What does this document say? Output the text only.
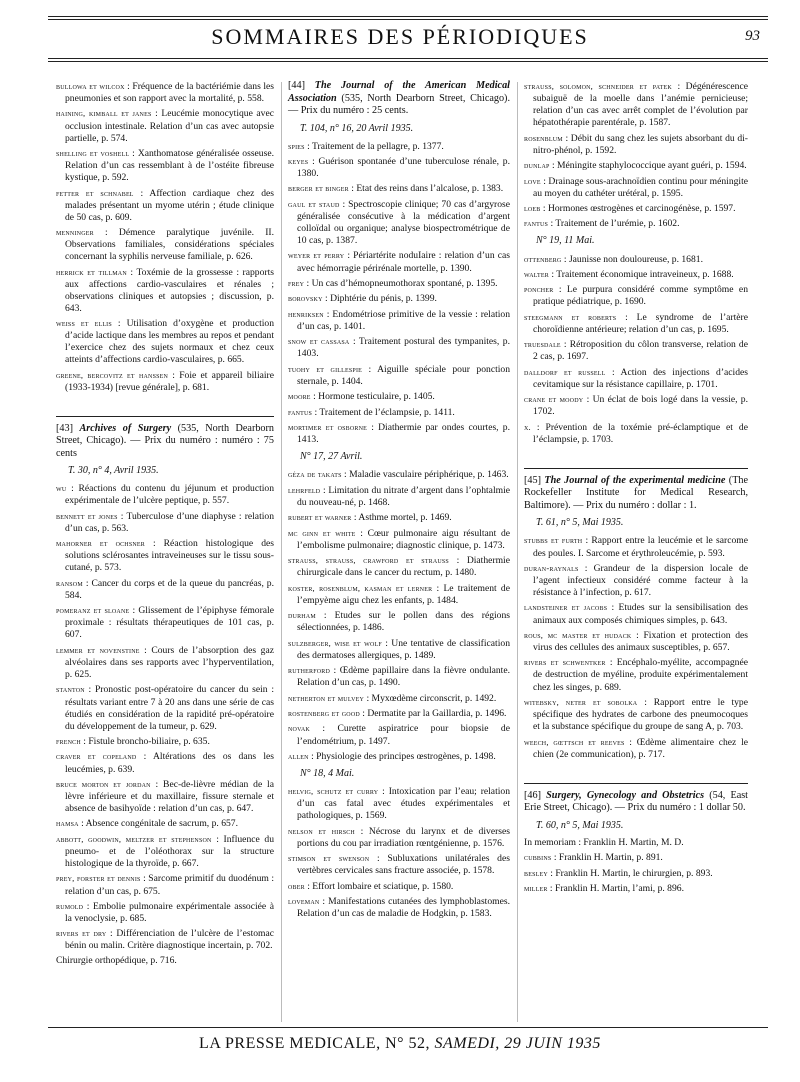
SOMMAIRES DES PÉRIODIQUES	93

bullowa et wilcox : Fréquence de la bactériémie dans les pneumonies et son rapport avec la mortalité, p. 558.

haining, kimball et janes : Leucémie monocytique avec occlusion intestinale. Relation d’un cas avec autopsie partielle, p. 574.

shelling et voshell : Xanthomatose généralisée osseuse. Relation d’un cas ressemblant à de l’ostéite fibreuse kystique, p. 592.

fetter et schnabel : Affection cardiaque chez des malades présentant un myome utérin ; étude clinique de 50 cas, p. 609.

menninger : Démence paralytique juvénile. II. Observations familiales, considérations spéciales concernant la syphilis nerveuse familiale, p. 626.

herrick et tillman : Toxémie de la grossesse : rapports aux affections cardio-vasculaires et rénales ; observations cliniques et autopsies ; discussion, p. 643.

weiss et ellis : Utilisation d’oxygène et production d’acide lactique dans les membres au repos et pendant l’exercice chez des sujets normaux et chez ceux atteints d’affections cardio-vasculaires, p. 665.

greene, bercovitz et hanssen : Foie et appareil biliaire (1933-1934) [revue générale], p. 681.

[43] Archives of Surgery (535, North Dearborn Street, Chicago). — Prix du numéro : numéro : 75 cents

T. 30, n° 4, Avril 1935.

wu : Réactions du contenu du jéjunum et production expérimentale de l’ulcère peptique, p. 557.

bennett et jones : Tuberculose d’une diaphyse : relation d’un cas, p. 563.

mahorner et ochsner : Réaction histologique des solutions sclérosantes intraveineuses sur le tissu sous-cutané, p. 573.

ransom : Cancer du corps et de la queue du pancréas, p. 584.

pomeranz et sloane : Glissement de l’épiphyse fémorale proximale : résultats thérapeutiques de 101 cas, p. 607.

lemmer et novenstine : Cours de l’absorption des gaz alvéolaires dans ses rapports avec l’hyperventilation, p. 625.

stanton : Pronostic post-opératoire du cancer du sein : résultats variant entre 7 à 20 ans dans une série de cas étudiés en considération de la rapidité pré-opératoire du développement de la tumeur, p. 629.

french : Fistule broncho-biliaire, p. 635.

craver et copeland : Altérations des os dans les leucémies, p. 639.

bruce morton et jordan : Bec-de-lièvre médian de la lèvre inférieure et du maxillaire, fissure sternale et absence de basihyoïde : relation d’un cas, p. 647.

hamsa : Absence congénitale de sacrum, p. 657.

abbott, goodwin, meltzer et stephenson : Influence du pneumo- et de l’oléothorax sur la structure histologique de la thyroïde, p. 667.

prey, forster et dennis : Sarcome primitif du duodénum : relation d’un cas, p. 675.

rumold : Embolie pulmonaire expérimentale associée à la venoclysie, p. 685.

rivers et dry : Différenciation de l’ulcère de l’estomac bénin ou malin. Critère diagnostique incertain, p. 702.

Chirurgie orthopédique, p. 716.

[44] The Journal of the American Medical Association (535, North Dearborn Street, Chicago). — Prix du numéro : 25 cents.

T. 104, n° 16, 20 Avril 1935.

spies : Traitement de la pellagre, p. 1377.

keyes : Guérison spontanée d’une tuberculose rénale, p. 1380.

berger et binger : Etat des reins dans l’alcalose, p. 1383.

gaul et staud : Spectroscopie clinique; 70 cas d’argyrose généralisée consécutive à la médication d’argent colloïdal ou organique; analyse biospectrométrique de 10 cas, p. 1387.

weyer et perry : Périartérite noduIaire : relation d’un cas avec hémorragie périrénale mortelle, p. 1390.

frey : Un cas d’hémopneumothorax spontané, p. 1395.

borovsky : Diphtérie du pénis, p. 1399.

henriksen : Endométriose primitive de la vessie : relation d’un cas, p. 1401.

snow et cassasa : Traitement postural des tympanites, p. 1403.

tuohy et gillespie : Aiguille spéciale pour ponction sternale, p. 1404.

moore : Hormone testiculaire, p. 1405.

fantus : Traitement de l’éclampsie, p. 1411.

mortimer et osborne : Diathermie par ondes courtes, p. 1413.

N° 17, 27 Avril.

géza de takats : Maladie vasculaire périphérique, p. 1463.

lehrfeld : Limitation du nitrate d’argent dans l’ophtalmie du nouveau-né, p. 1468.

rubert et warner : Asthme mortel, p. 1469.

mc ginn et white : Cœur pulmonaire aigu résultant de l’embolisme pulmonaire; diagnostic clinique, p. 1473.

strauss, strauss, crawford et strauss : Diathermie chirurgicale dans le cancer du rectum, p. 1480.

koster, rosenblum, kasman et lerner : Le traitement de l’empyème aigu chez les enfants, p. 1484.

durham : Etudes sur le pollen dans des régions sélectionnées, p. 1486.

sulzberger, wise et wolf : Une tentative de classification des dermatoses allergiques, p. 1489.

rutherford : Œdème papillaire dans la fièvre ondulante. Relation d’un cas, p. 1490.

netherton et mulvey : Myxœdème circonscrit, p. 1492.

rostenberg et good : Dermatite par la Gaillardia, p. 1496.

novak : Curette aspiratrice pour biopsie de l’endométrium, p. 1497.

allen : Physiologie des principes œstrogènes, p. 1498.

N° 18, 4 Mai.

helvig, schutz et curry : Intoxication par l’eau; relation d’un cas fatal avec études expérimentales et pathologiques, p. 1569.

nelson et hirsch : Nécrose du larynx et de diverses portions du cou par irradiation rœntgénienne, p. 1576.

stimson et swenson : Subluxations unilatérales des vertèbres cervicales sans fracture associée, p. 1578.

ober : Effort lombaire et sciatique, p. 1580.

loveman : Manifestations cutanées des lymphoblastomes. Relation d’un cas de maladie de Hodgkin, p. 1583.

strauss, solomon, schneider et patek : Dégénérescence subaiguë de la moelle dans l’anémie pernicieuse; relation d’un cas avec arrêt complet de l’évolution par hépatothérapie parentérale, p. 1587.

rosenblum : Débit du sang chez les sujets absorbant du di-nitro-phénol, p. 1592.

dunlap : Méningite staphylococcique ayant guéri, p. 1594.

love : Drainage sous-arachnoïdien continu pour méningite au moyen du cathéter urétéral, p. 1595.

loeb : Hormones œstrogènes et carcinogénèse, p. 1597.

fantus : Traitement de l’urémie, p. 1602.

N° 19, 11 Mai.

ottenberg : Jaunisse non douloureuse, p. 1681.

walter : Traitement économique intraveineux, p. 1688.

poncher : Le purpura considéré comme symptôme en pratique pédiatrique, p. 1690.

steegmann et roberts : Le syndrome de l’artère choroïdienne antérieure; relation d’un cas, p. 1695.

truesdale : Rétroposition du côlon transverse, relation de 2 cas, p. 1697.

dalldorf et russell : Action des injections d’acides cevitamique sur la résistance capillaire, p. 1701.

crane et moody : Un éclat de bois logé dans la vessie, p. 1702.

x. : Prévention de la toxémie pré-éclamptique et de l’éclampsie, p. 1703.

[45] The Journal of the experimental medicine (The Rockefeller Institute for Medical Research, Baltimore). — Prix du numéro : dollar : 1.

T. 61, n° 5, Mai 1935.

stubbs et furth : Rapport entre la leucémie et le sarcome des poules. I. Sarcome et érythroleucémie, p. 593.

duran-raynals : Grandeur de la dispersion locale de l’agent infectieux considéré comme facteur à la résistance à l’infection, p. 617.

landsteiner et jacobs : Etudes sur la sensibilisation des animaux aux composés chimiques simples, p. 643.

rous, mc master et hudack : Fixation et protection des virus des cellules des animaux susceptibles, p. 657.

rivers et schwentker : Encéphalo-myélite, accompagnée de destruction de myéline, produite expérimentalement chez les singes, p. 689.

witebsky, neter et sobolka : Rapport entre le type spécifique des hydrates de carbone des pneumocoques et la substance spécifique du groupe de sang A, p. 703.

weech, gœttsch et reeves : Œdème alimentaire chez le chien (2e communication), p. 717.

[46] Surgery, Gynecology and Obstetrics (54, East Erie Street, Chicago). — Prix du numéro : 1 dollar 50.

T. 60, n° 5, Mai 1935.

In memoriam : Franklin H. Martin, M. D.

cubbins : Franklin H. Martin, p. 891.

besley : Franklin H. Martin, le chirurgien, p. 893.

miller : Franklin H. Martin, l’ami, p. 896.

LA PRESSE MEDICALE, N° 52, SAMEDI, 29 JUIN 1935
